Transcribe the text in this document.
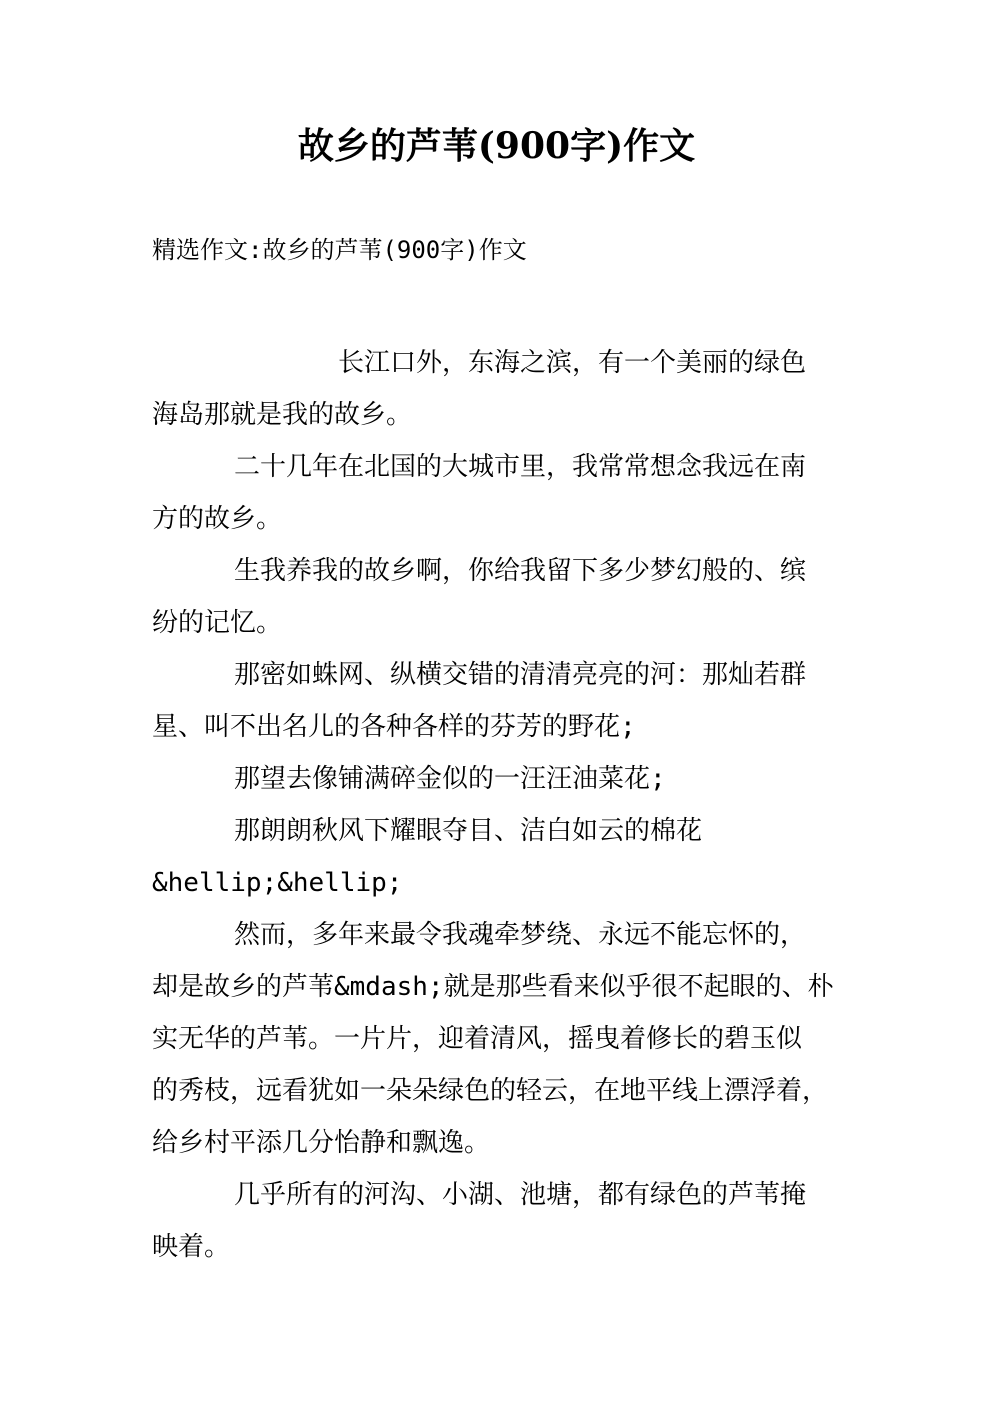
故乡的芦苇(900字)作文
精选作文:故乡的芦苇(900字)作文
长江口外，东海之滨，有一个美丽的绿色
海岛那就是我的故乡。
二十几年在北国的大城市里，我常常想念我远在南
方的故乡。
生我养我的故乡啊，你给我留下多少梦幻般的、缤
纷的记忆。
那密如蛛网、纵横交错的清清亮亮的河：那灿若群
星、叫不出名儿的各种各样的芬芳的野花;
那望去像铺满碎金似的一汪汪油菜花;
那朗朗秋风下耀眼夺目、洁白如云的棉花
&hellip;&hellip;
然而，多年来最令我魂牵梦绕、永远不能忘怀的，
却是故乡的芦苇&mdash;就是那些看来似乎很不起眼的、朴
实无华的芦苇。一片片，迎着清风，摇曳着修长的碧玉似
的秀枝，远看犹如一朵朵绿色的轻云，在地平线上漂浮着，
给乡村平添几分怡静和飘逸。
几乎所有的河沟、小湖、池塘，都有绿色的芦苇掩
映着。
